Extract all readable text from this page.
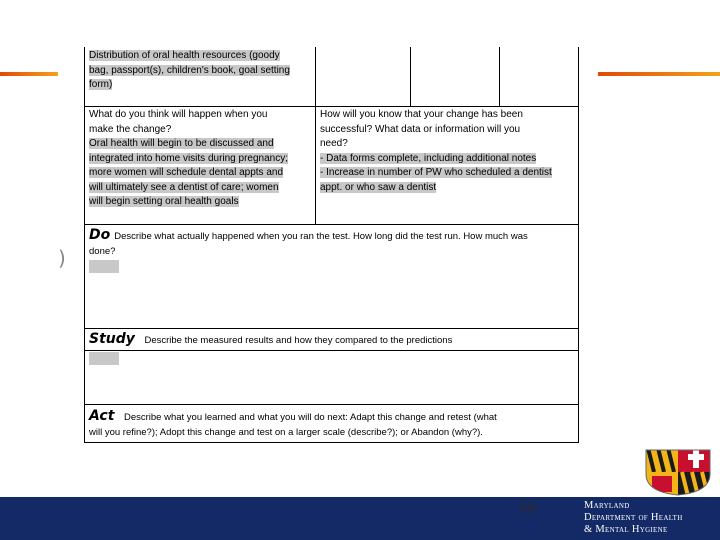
)
Distribution of oral health resources (goody
bag, passport(s), children's book, goal setting
form)
What do you think will happen when you
make the change?
Oral health will begin to be discussed and
integrated into home visits during pregnancy;
more women will schedule dental appts and
will ultimately see a dentist of care; women
will begin setting oral health goals
How will you know that your change has been
successful? What data or information will you
need?
- Data forms complete, including additional notes
- Increase in number of PW who scheduled a dentist
appt. or who saw a dentist
Do Describe what actually happened when you ran the test. How long did the test run. How much was
done?
Study Describe the measured results and how they compared to the predictions
Act Describe what you learned and what you will do next: Adapt this change and retest (what
will you refine?); Adopt this change and test on a larger scale (describe?); or Abandon (why?).
59	Maryland
Department of Health
& Mental Hygiene
